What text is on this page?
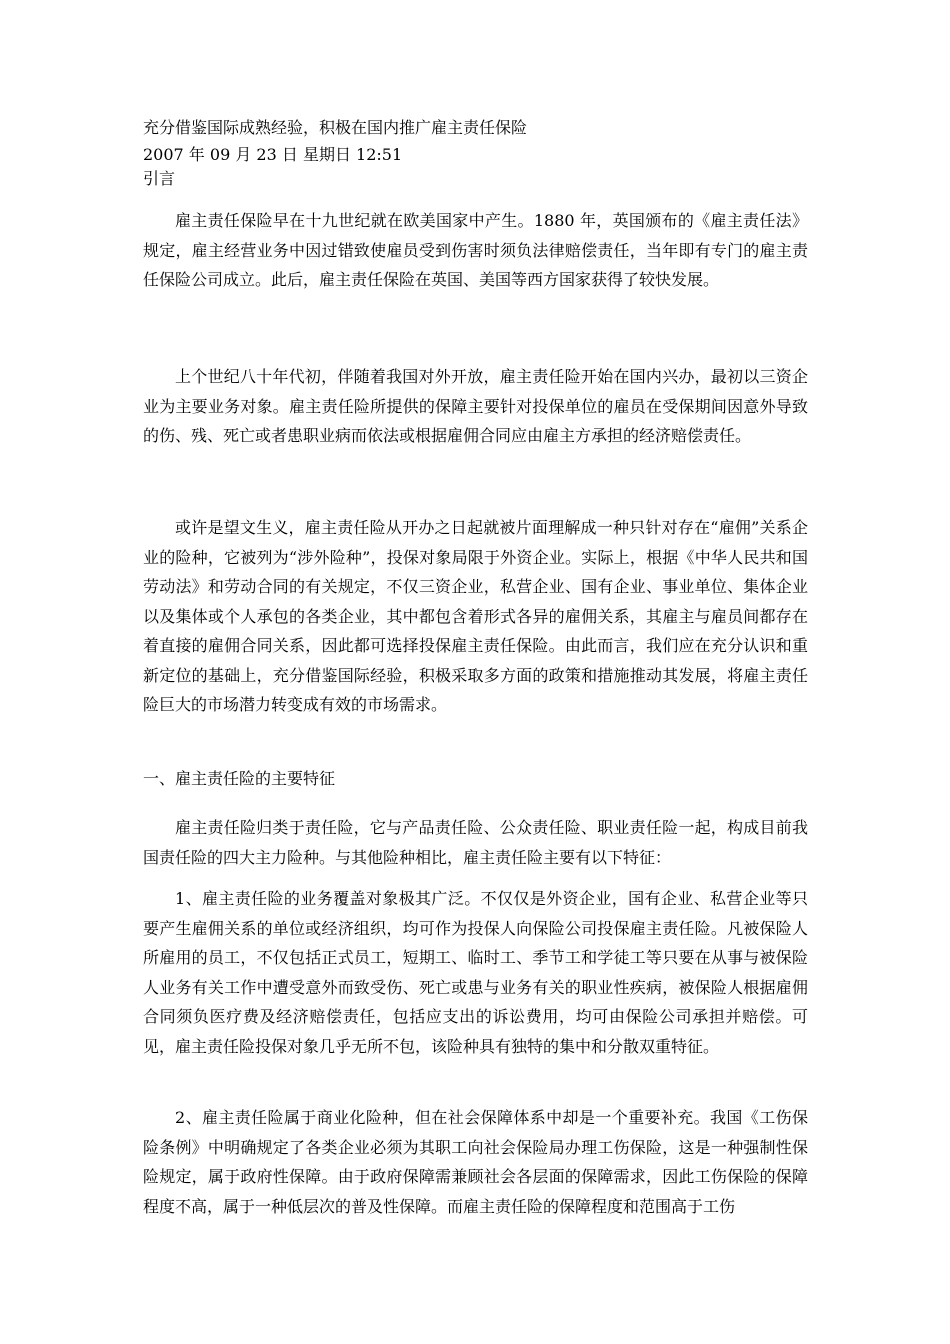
充分借鉴国际成熟经验，积极在国内推广雇主责任保险
2007 年 09 月 23 日 星期日 12:51
引言

雇主责任保险早在十九世纪就在欧美国家中产生。1880 年，英国颁布的《雇主责任法》规定，雇主经营业务中因过错致使雇员受到伤害时须负法律赔偿责任，当年即有专门的雇主责任保险公司成立。此后，雇主责任保险在英国、美国等西方国家获得了较快发展。

上个世纪八十年代初，伴随着我国对外开放，雇主责任险开始在国内兴办，最初以三资企业为主要业务对象。雇主责任险所提供的保障主要针对投保单位的雇员在受保期间因意外导致的伤、残、死亡或者患职业病而依法或根据雇佣合同应由雇主方承担的经济赔偿责任。

或许是望文生义，雇主责任险从开办之日起就被片面理解成一种只针对存在“雇佣”关系企业的险种，它被列为“涉外险种”，投保对象局限于外资企业。实际上，根据《中华人民共和国劳动法》和劳动合同的有关规定，不仅三资企业，私营企业、国有企业、事业单位、集体企业以及集体或个人承包的各类企业，其中都包含着形式各异的雇佣关系，其雇主与雇员间都存在着直接的雇佣合同关系，因此都可选择投保雇主责任保险。由此而言，我们应在充分认识和重新定位的基础上，充分借鉴国际经验，积极采取多方面的政策和措施推动其发展，将雇主责任险巨大的市场潜力转变成有效的市场需求。

一、雇主责任险的主要特征

雇主责任险归类于责任险，它与产品责任险、公众责任险、职业责任险一起，构成目前我国责任险的四大主力险种。与其他险种相比，雇主责任险主要有以下特征：

1、雇主责任险的业务覆盖对象极其广泛。不仅仅是外资企业，国有企业、私营企业等只要产生雇佣关系的单位或经济组织，均可作为投保人向保险公司投保雇主责任险。凡被保险人所雇用的员工，不仅包括正式员工，短期工、临时工、季节工和学徒工等只要在从事与被保险人业务有关工作中遭受意外而致受伤、死亡或患与业务有关的职业性疾病，被保险人根据雇佣合同须负医疗费及经济赔偿责任，包括应支出的诉讼费用，均可由保险公司承担并赔偿。可见，雇主责任险投保对象几乎无所不包，该险种具有独特的集中和分散双重特征。

2、雇主责任险属于商业化险种，但在社会保障体系中却是一个重要补充。我国《工伤保险条例》中明确规定了各类企业必须为其职工向社会保险局办理工伤保险，这是一种强制性保险规定，属于政府性保障。由于政府保障需兼顾社会各层面的保障需求，因此工伤保险的保障程度不高，属于一种低层次的普及性保障。而雇主责任险的保障程度和范围高于工伤
